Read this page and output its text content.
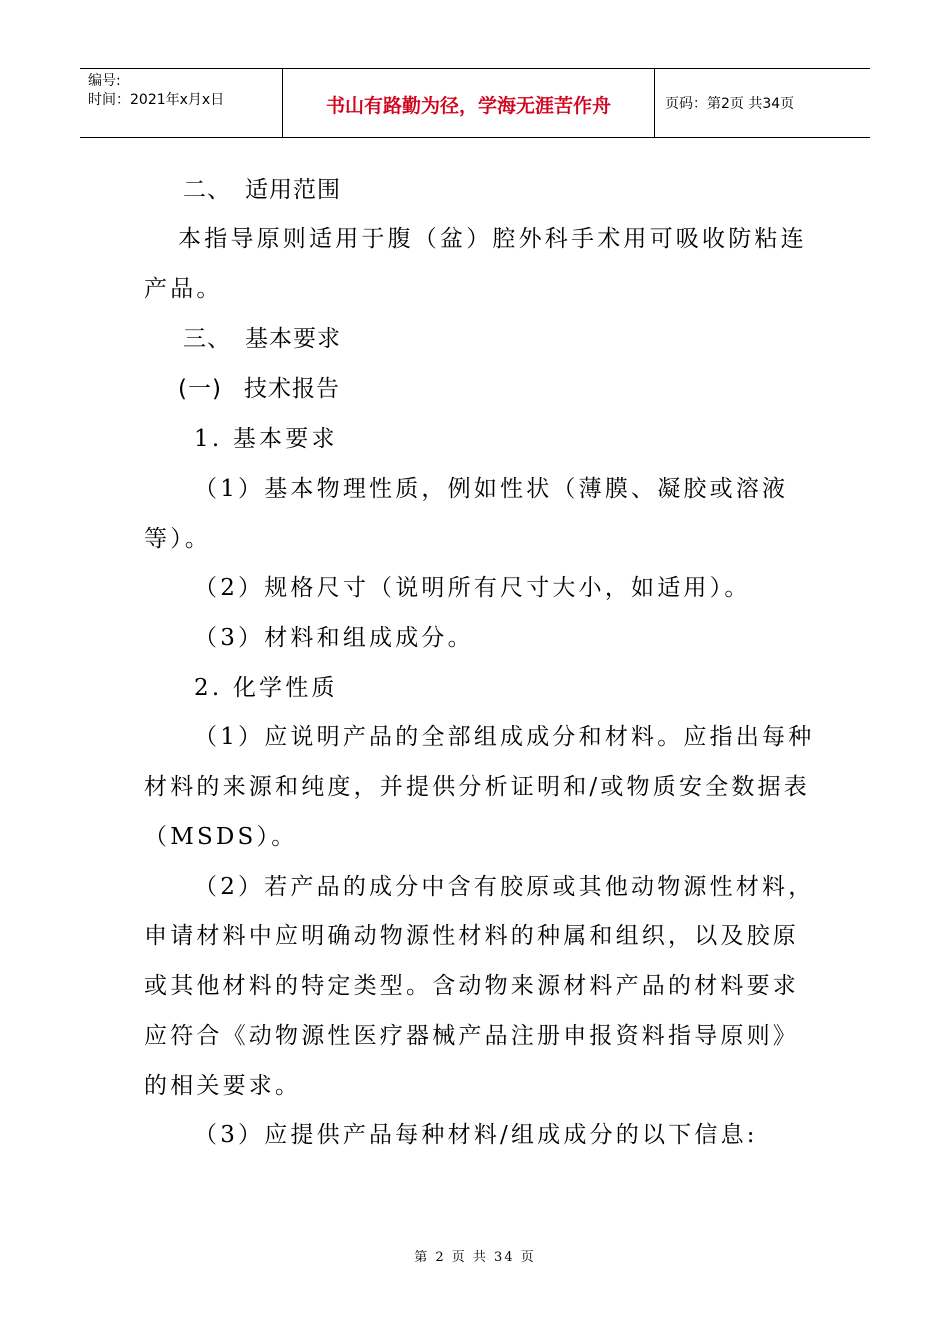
编号:
时间：2021年x月x日	书山有路勤为径，学海无涯苦作舟	页码：第2页 共34页
二、 适用范围
本指导原则适用于腹（盆）腔外科手术用可吸收防粘连
产品。
三、 基本要求
(一) 技术报告
1. 基本要求
（1）基本物理性质，例如性状（薄膜、凝胶或溶液
等）。
（2）规格尺寸（说明所有尺寸大小，如适用）。
（3）材料和组成成分。
2. 化学性质
（1）应说明产品的全部组成成分和材料。应指出每种
材料的来源和纯度，并提供分析证明和/或物质安全数据表
（MSDS）。
（2）若产品的成分中含有胶原或其他动物源性材料，
申请材料中应明确动物源性材料的种属和组织，以及胶原
或其他材料的特定类型。含动物来源材料产品的材料要求
应符合《动物源性医疗器械产品注册申报资料指导原则》
的相关要求。
（3）应提供产品每种材料/组成成分的以下信息:
第 2 页 共 34 页
